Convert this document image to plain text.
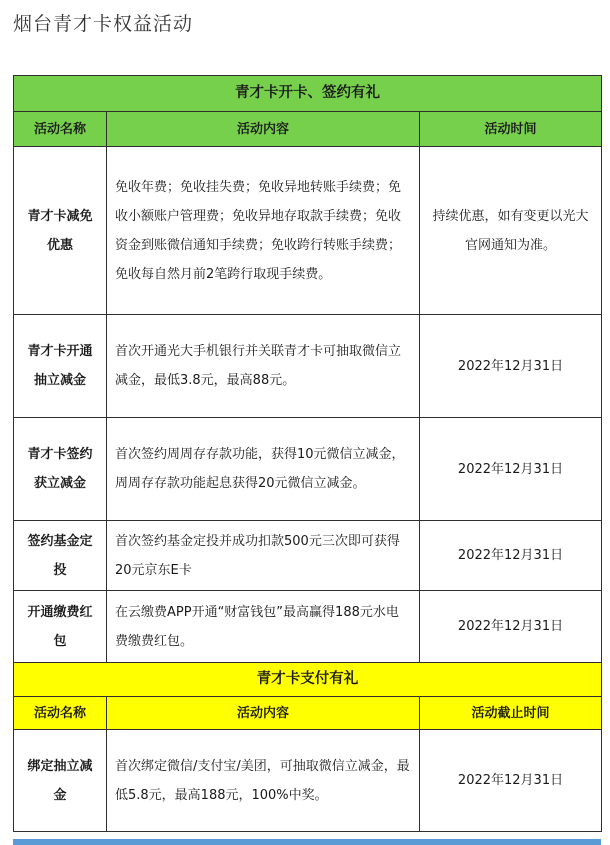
烟台青才卡权益活动
青才卡开卡、签约有礼		
活动名称	活动内容	活动时间
青才卡减免优惠	免收年费；免收挂失费；免收异地转账手续费；免收小额账户管理费；免收异地存取款手续费；免收资金到账微信通知手续费；免收跨行转账手续费；免收每自然月前2笔跨行取现手续费。	持续优惠，如有变更以光大官网通知为准。
青才卡开通抽立减金	首次开通光大手机银行并关联青才卡可抽取微信立减金，最低3.8元，最高88元。	2022年12月31日
青才卡签约获立减金	首次签约周周存存款功能，获得10元微信立减金，周周存存款功能起息获得20元微信立减金。	2022年12月31日
签约基金定投	首次签约基金定投并成功扣款500元三次即可获得20元京东E卡	2022年12月31日
开通缴费红包	在云缴费APP开通“财富钱包”最高赢得188元水电费缴费红包。	2022年12月31日
青才卡支付有礼		
活动名称	活动内容	活动截止时间
绑定抽立减金	首次绑定微信/支付宝/美团，可抽取微信立减金，最低5.8元，最高188元，100%中奖。	2022年12月31日
